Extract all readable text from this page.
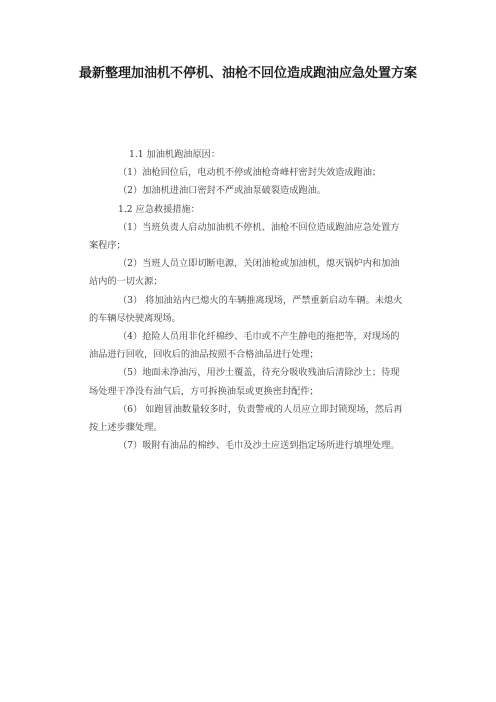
最新整理加油机不停机、油枪不回位造成跑油应急处置方案
1.1 加油机跑油原因：
（1）油枪回位后，电动机不停或油枪奇峰杆密封失效造成跑油；
（2）加油机进油口密封不严或油泵破裂造成跑油。
1.2 应急救援措施：
（1）当班负责人启动加油机不停机、油枪不回位造成跑油应急处置方
案程序；
（2）当班人员立即切断电源，关闭油枪或加油机，熄灭锅炉内和加油
站内的一切火源；
（3） 将加油站内已熄火的车辆推离现场，严禁重新启动车辆。未熄火
的车辆尽快驶离现场。
（4）抢险人员用非化纤棉纱、毛巾或不产生静电的拖把等，对现场的
油品进行回收，回收后的油品按照不合格油品进行处理；
（5）地面未净油污，用沙土覆盖，待充分吸收残油后清除沙土；待现
场处理干净没有油气后，方可拆换油泵或更换密封配件；
（6） 如跑冒油数量较多时，负责警戒的人员应立即封锁现场，然后再
按上述步骤处理。
（7）吸附有油品的棉纱、毛巾及沙土应送到指定场所进行填埋处理。
